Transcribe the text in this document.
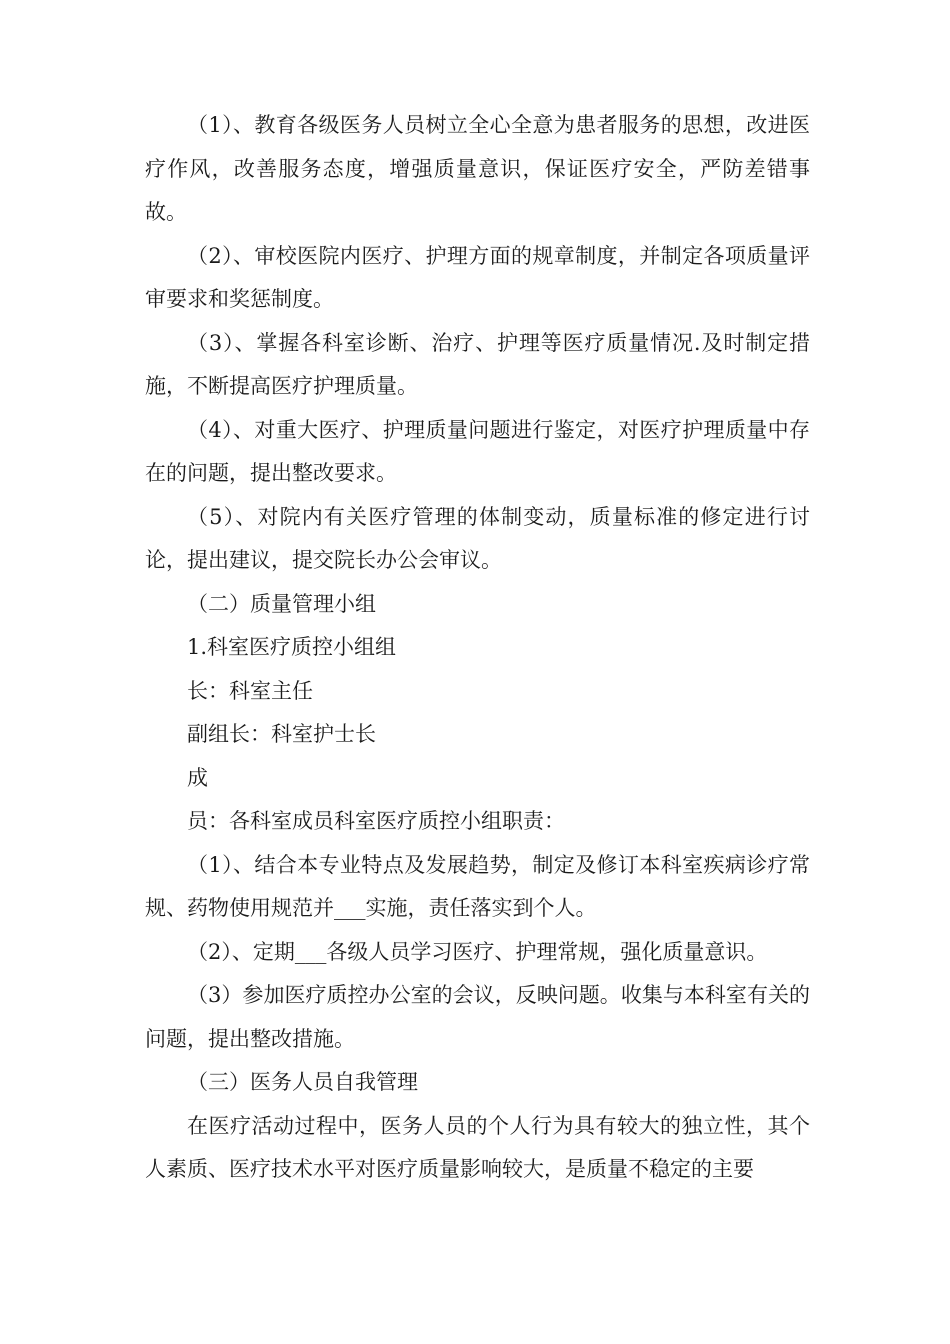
（1）、教育各级医务人员树立全心全意为患者服务的思想，改进医疗作风，改善服务态度，增强质量意识，保证医疗安全，严防差错事故。

（2）、审校医院内医疗、护理方面的规章制度，并制定各项质量评审要求和奖惩制度。

（3）、掌握各科室诊断、治疗、护理等医疗质量情况.及时制定措施，不断提高医疗护理质量。

（4）、对重大医疗、护理质量问题进行鉴定，对医疗护理质量中存在的问题，提出整改要求。

（5）、对院内有关医疗管理的体制变动，质量标准的修定进行讨论，提出建议，提交院长办公会审议。

（二）质量管理小组

1.科室医疗质控小组组

长：科室主任

副组长：科室护士长

成

员：各科室成员科室医疗质控小组职责：

（1）、结合本专业特点及发展趋势，制定及修订本科室疾病诊疗常规、药物使用规范并___实施，责任落实到个人。

（2）、定期___各级人员学习医疗、护理常规，强化质量意识。

（3）参加医疗质控办公室的会议，反映问题。收集与本科室有关的问题，提出整改措施。

（三）医务人员自我管理

在医疗活动过程中，医务人员的个人行为具有较大的独立性，其个人素质、医疗技术水平对医疗质量影响较大，是质量不稳定的主要
